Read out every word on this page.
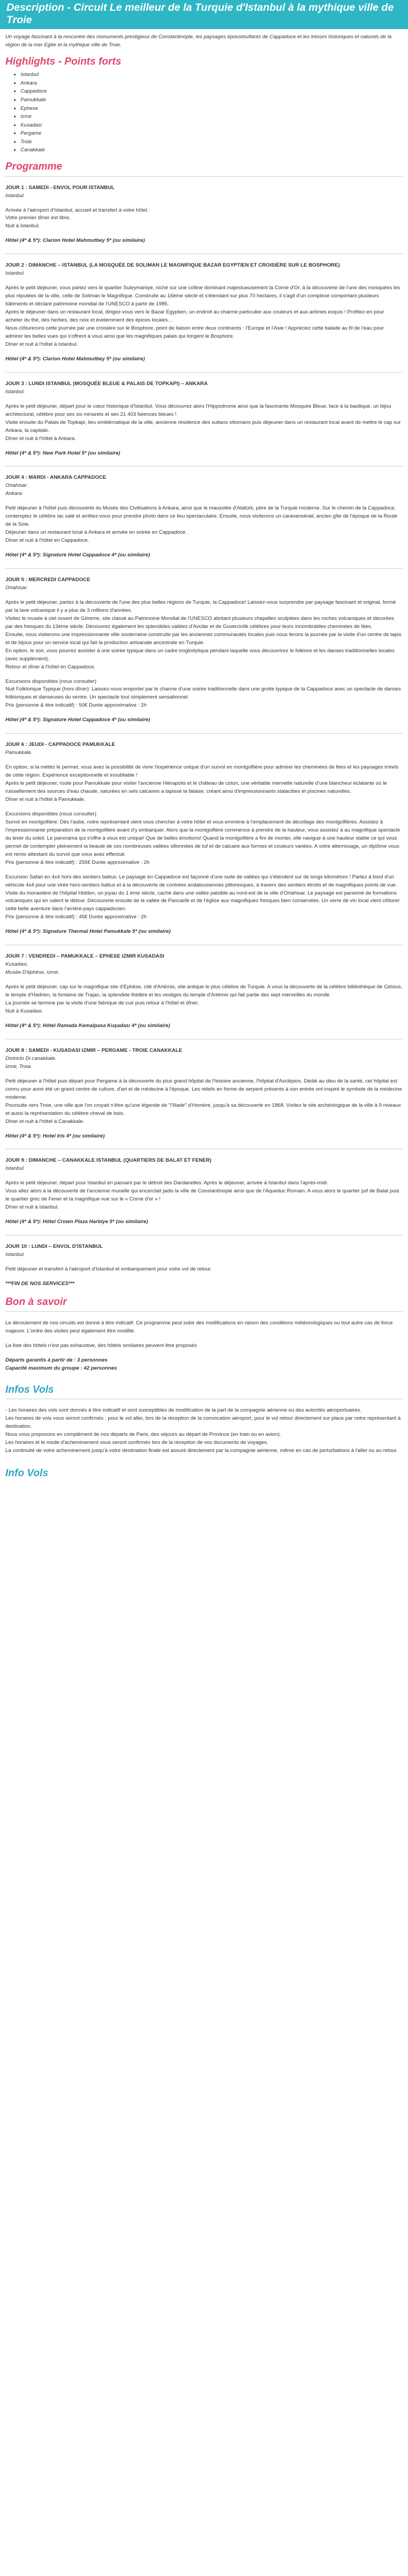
Description - Circuit Le meilleur de la Turquie d'Istanbul à la mythique ville de Troie

Un voyage fascinant à la rencontre des monuments prestigieux de Constantinople, les paysages époustouflants de Cappadoce et les trésors historiques et naturels de la région de la mer Egée et la mythique ville de Troie.

Highlights - Points forts
• Istanbul
• Ankara
• Cappadoce
• Pamukkale
• Ephese
• Izmir
• Kusadasi
• Pergame
• Troie
• Canakkale
Programme

JOUR 1 : SAMEDI - ENVOL POUR ISTANBUL

Istanbul.

Arrivée à l'aéroport d'Istanbul, accueil et transfert à votre hôtel.
Votre premier dîner est libre.
Nuit à Istanbul.

Hôtel (4* & 5*): Clarion Hotel Mahmutbey 5* (ou similaire)

JOUR 2 : DIMANCHE – ISTANBUL (LA MOSQUÉE DE SOLIMAN LE MAGNIFIQUE BAZAR EGYPTIEN ET CROISIÈRE SUR LE BOSPHORE)

Istanbul.

Après le petit déjeuner, vous partez vers le quartier Suleymaniye, niché sur une colline dominant majestueusement la Corne d'Or, à la découverte de l'une des mosquées les plus réputées de la ville, celle de Soliman le Magnifique. Construite au 16ème siècle et s'étendant sur plus 70 hectares, il s'agit d'un complexe comportant plusieurs bâtiments et déclaré patrimoine mondial de l'UNESCO à partir de 1985.
Après le déjeuner dans un restaurant local, dirigez-vous vers le Bazar Egyptien, un endroit au charme particulier aux couleurs et aux arômes exquis ! Profitez-en pour acheter du thé, des herbes, des noix et évidemment des épices locales…
Nous clôturerons cette journée par une croisière sur le Bosphore, point de liaison entre deux continents : l'Europe et l'Asie ! Appréciez cette balade au fil de l'eau pour admirer les belles vues qui s'offrent à vous ainsi que les magnifiques palais qui longent le Bosphore.
Dîner et nuit à l'hôtel à Istanbul.

Hôtel (4* & 5*): Clarion Hotel Mahmutbey 5* (ou similaire)

JOUR 3 : LUNDI ISTANBUL (MOSQUÉE BLEUE & PALAIS DE TOPKAPI) – ANKARA

Istanbul.

Après le petit déjeuner, départ pour le cœur historique d'Istanbul. Vous découvrez alors l'Hippodrome ainsi que la fascinante Mosquée Bleue, face à la basilique, un bijou architectural, célèbre pour ses six minarets et ses 21 403 faïences bleues !
Visite ensuite du Palais de Topkapi, lieu emblématique de la ville, ancienne résidence des sultans ottomans puis déjeuner dans un restaurant local avant de mettre le cap sur Ankara, la capitale.
Dîner et nuit à l'hôtel à Ankara.

Hôtel (4* & 5*): New Park Hotel 5* (ou similaire)

JOUR 4 : MARDI - ANKARA CAPPADOCE

Ortahisar.
Ankara.

Petit déjeuner à l'hôtel puis découverte du Musée des Civilisations à Ankara, ainsi que le mausolée d'Atatürk, père de la Turquie moderne. Sur le chemin de la Cappadoce, contemplez le célèbre lac salé et arrêtez-vous pour prendre photo dans ce lieu spectaculaire. Ensuite, nous visiterons un caravansérail, ancien gîte de l'époque de la Route de la Soie.
Déjeuner dans un restaurant local à Ankara et arrivée en soirée en Cappadoce.
Dîner et nuit à l'hôtel en Cappadoce.

Hôtel (4* & 5*): Signature Hotel Cappadoce 4* (ou similaire)

JOUR 5 : MERCREDI CAPPADOCE

Ortahisar.

Après le petit déjeuner, partez à la découverte de l'une des plus belles régions de Turquie, la Cappadoce! Laissez-vous surprendre par paysage fascinant et original, formé par la lave volcanique il y a plus de 3 millions d'années.
Visitez le musée à ciel ouvert de Göreme, site classé au Patrimoine Mondial de l'UNESCO abritant plusieurs chapelles sculptées dans les roches volcaniques et décorées par des fresques du 13ème siècle. Découvrez également les splendides vallées d'Avcilar et de Guvercinlik célèbres pour leurs innombrables cheminées de fées.
Ensuite, nous visiterons une impressionnante ville souterraine construite par les anciennes communautés locales puis nous ferons la journée par la visite d'un centre de tapis et de bijoux pour un service local qui fait la production artisanale ancestrale en Turquie.
En option, le soir, vous pourrez assister à une soirée typique dans un cadre troglodytique pendant laquelle vous découvrirez le folklore et les danses traditionnelles locales (avec supplément).
Retour et dîner à l'hôtel en Cappadoce.

Excursions disponibles (nous consulter)

Nuit Folklorique Typique (hors dîner): Laissez-vous emporter par le charme d'une soirée traditionnelle dans une grotte typique de la Cappadoce avec un spectacle de danses folkloriques et danseuses du ventre. Un spectacle tout simplement sensationnel.

Prix (personne & titre indicatif) : 50€ Durée approximative : 2h

Hôtel (4* & 5*): Signature Hotel Cappadoce 4* (ou similaire)

JOUR 6 : JEUDI - CAPPADOCE PAMUKKALE

Pamukkale.

En option, si la météo le permet, vous avez la possibilité de vivre l'expérience unique d'un survol en montgolfière pour admirer les cheminées de fées et les paysages irréels de cette région. Expérience exceptionnelle et inoubliable !
Après le petit déjeuner, route pour Pamukkale pour visiter l'ancienne Hiérapolis et le château de coton, une véritable merveille naturelle d'une blancheur éclatante où le ruissellement des sources d'eau chaude, saturées en sels calcaires a tapissé la falaise, créant ainsi d'impressionnants stalactites et piscines naturelles.
Dîner et nuit à l'hôtel à Pamukkale.

Excursions disponibles (nous consulter)

Survol en montgolfière: Dès l'aube, notre représentant vient vous chercher à votre hôtel et vous emmène à l'emplacement de décollage des montgolfières. Assistez à l'impressionnante préparation de la montgolfière avant d'y embarquer. Alors que la montgolfière commence à prendre de la hauteur, vous assistez à au magnifique spectacle du lever du soleil. Le panorama qui s'offre à vous est unique! Que de belles émotions! Quand la montgolfière a fini de monter, elle navigue à une hauteur stable ce qui vous permet de contempler pleinement la beauté de ces nombreuses vallées sillonnées de tuf et de calcaire aux formes et couleurs variées. A votre atterrissage, un diplôme vous est remis attestant du survol que vous avez effectué.

Prix (personne & titre indicatif) : 255€ Durée approximative : 2h

Excursion Safari en 4x4 hors des sentiers battus: Le paysage en Cappadoce est façonné d'une suite de vallées qui s'étendent sur de longs kilomètres ! Partez à bord d'un véhicule 4x4 pour une virée hors-sentiers battus et à la découverte de contrées andalousiennes pittoresques, à travers des sentiers étroits et de magnifiques points de vue. Visite du monastère de l'hôpital Hidden, un joyau du 1 ème siècle, caché dans une vallée paisible au nord-est de la ville d'Ortahisar. Le paysage est parsemé de formations volcaniques qui en valent le détour. Découverte ensuite de la vallée de Pancarlik et de l'église aux magnifiques fresques bien conservées. Un verre de vin local vient clôturer cette belle aventure dans l'arrière-pays cappadocien.

Prix (personne & titre indicatif) : 45€ Durée approximative : 2h

Hôtel (4* & 5*): Signature Thermal Hotel Pamukkale 5* (ou similaire)

JOUR 7 : VENDREDI – PAMUKKALE – EPHESE IZMIR KUSADASI

Kusadasi.
Musée D'éphèse, Izmir.

Après le petit déjeuner, cap sur le magnifique site d'Ephèse, cité d'Artémis, site antique le plus célèbre de Turquie. A vous la découverte de la célèbre bibliothèque de Celsius, le temple d'Hadrien, la fontaine de Trajan, la splendide théâtre et les vestiges du temple d'Artémis qui fait partie des sept merveilles du monde.
La journée se termine par la visite d'une fabrique de cuir puis retour à l'hôtel et dîner.
Nuit à Kusadasi.

Hôtel (4* & 5*): Hôtel Ramada Kemalpasa Kuşadası 4* (ou similaire)

JOUR 8 : SAMEDI - KUSADASI IZMIR – PERGAME - TROIE CANAKKALE

Districto Di canakkale.
Izmir, Troia.

Petit déjeuner à l'hôtel puis départ pour Pergame à la découverte du plus grand hôpital de l'histoire ancienne, l'hôpital d'Asclépios. Dédié au dieu de la santé, cet hôpital est connu pour avoir été un grand centre de culture, d'art et de médecine à l'époque. Les reliefs en forme de serpent présents à son entrée ont inspiré le symbole de la médecine moderne.
Poursuite vers Troie, une ville que l'on croyait n'être qu'une légende de "l'Iliade" d'Homère, jusqu'à sa découverte en 1868. Visitez le site archéologique de la ville à 9 niveaux et aussi la représentation du célèbre cheval de bois.
Dîner et nuit à l'hôtel à Canakkale.

Hôtel (4* & 5*): Hotel Iris 4* (ou similaire)

JOUR 9 : DIMANCHE – CANAKKALE ISTANBUL (QUARTIERS DE BALAT ET FENER)

Istanbul.

Après le petit déjeuner, départ pour Istanbul en passant par le détroit des Dardanelles. Après le déjeuner, arrivée à Istanbul dans l'après-midi.
Vous allez alors à la découverte de l'ancienne muraille qui encerclait jadis la ville de Constantinople ainsi que de l'Aqueduc Romain. A vous alors le quartier juif de Balat puis le quartier grec de Fener et la magnifique vue sur le « Corne d'or » !
Dîner et nuit à Istanbul.

Hôtel (4* & 5*): Hôtel Crown Plaza Harbiye 5* (ou similaire)

JOUR 10 : LUNDI – ENVOL D'ISTANBUL

Istanbul.

Petit déjeuner et transfert à l'aéroport d'Istanbul et embarquement pour votre vol de retour.

***FIN DE NOS SERVICES***

Bon à savoir

Le déroulement de nos circuits est donné à titre indicatif. Ce programme peut subir des modifications en raison des conditions météorologiques ou tout autre cas de force majeure. L'ordre des visites peut également être modifié.

La liste des hôtels n'est pas exhaustive, des hôtels similaires peuvent être proposés

Départs garantis à partir de : 3 personnes

Capacité maximum du groupe : 42 personnes

Infos Vols

- Les horaires des vols sont donnés à titre indicatif et sont susceptibles de modification de la part de la compagnie aérienne ou des autorités aéroportuaires.
Les horaires de vols vous seront confirmés : pour le vol aller, lors de la réception de la convocation aéroport, pour le vol retour directement sur place par notre représentant à destination.
Nous vous proposons en complément de nos départs de Paris, des séjours au départ de Province (en train ou en avion).
Les horaires et le mode d'acheminement vous seront confirmés lors de la réception de vos documents de voyages.
La continuité de votre acheminement jusqu'à votre destination finale est assuré directement par la compagnie aérienne, même en cas de perturbations à l'aller ou au retour.

Info Vols
